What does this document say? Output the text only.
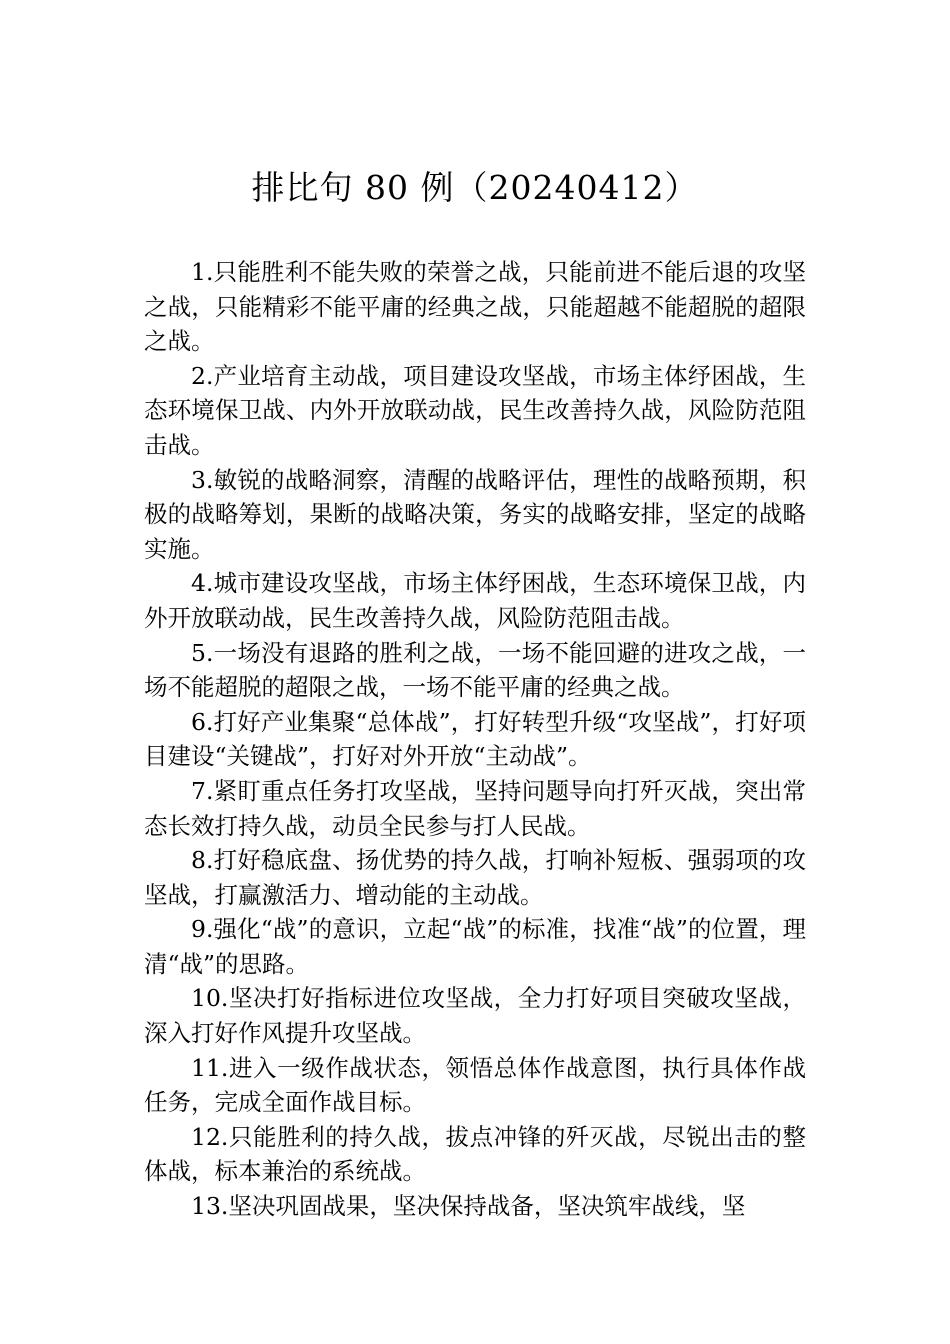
排比句 80 例（20240412）

1.只能胜利不能失败的荣誉之战，只能前进不能后退的攻坚之战，只能精彩不能平庸的经典之战，只能超越不能超脱的超限之战。

2.产业培育主动战，项目建设攻坚战，市场主体纾困战，生态环境保卫战、内外开放联动战，民生改善持久战，风险防范阻击战。

3.敏锐的战略洞察，清醒的战略评估，理性的战略预期，积极的战略筹划，果断的战略决策，务实的战略安排，坚定的战略实施。

4.城市建设攻坚战，市场主体纾困战，生态环境保卫战，内外开放联动战，民生改善持久战，风险防范阻击战。

5.一场没有退路的胜利之战，一场不能回避的进攻之战，一场不能超脱的超限之战，一场不能平庸的经典之战。

6.打好产业集聚“总体战”，打好转型升级“攻坚战”，打好项目建设“关键战”，打好对外开放“主动战”。

7.紧盯重点任务打攻坚战，坚持问题导向打歼灭战，突出常态长效打持久战，动员全民参与打人民战。

8.打好稳底盘、扬优势的持久战，打响补短板、强弱项的攻坚战，打赢激活力、增动能的主动战。

9.强化“战”的意识，立起“战”的标准，找准“战”的位置，理清“战”的思路。

10.坚决打好指标进位攻坚战，全力打好项目突破攻坚战，深入打好作风提升攻坚战。

11.进入一级作战状态，领悟总体作战意图，执行具体作战任务，完成全面作战目标。

12.只能胜利的持久战，拔点冲锋的歼灭战，尽锐出击的整体战，标本兼治的系统战。

13.坚决巩固战果，坚决保持战备，坚决筑牢战线，坚
